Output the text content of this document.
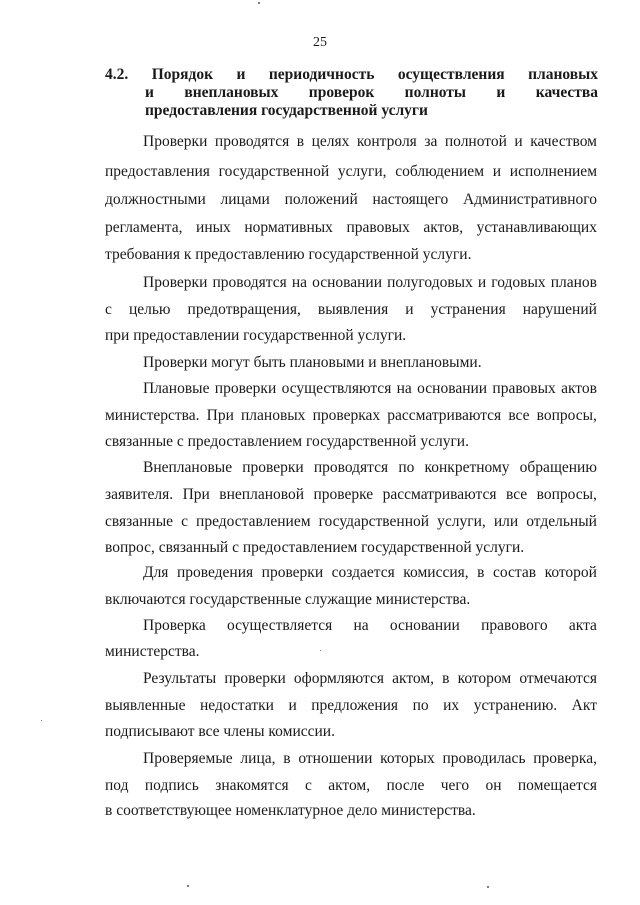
25
4.2. Порядок и периодичность осуществления плановых
и внеплановых проверок полноты и качества
предоставления государственной услуги
Проверки проводятся в целях контроля за полнотой и качеством
предоставления государственной услуги, соблюдением и исполнением
должностными лицами положений настоящего Административного
регламента, иных нормативных правовых актов, устанавливающих
требования к предоставлению государственной услуги.
Проверки проводятся на основании полугодовых и годовых планов
с целью предотвращения, выявления и устранения нарушений
при предоставлении государственной услуги.
Проверки могут быть плановыми и внеплановыми.
Плановые проверки осуществляются на основании правовых актов
министерства. При плановых проверках рассматриваются все вопросы,
связанные с предоставлением государственной услуги.
Внеплановые проверки проводятся по конкретному обращению
заявителя. При внеплановой проверке рассматриваются все вопросы,
связанные с предоставлением государственной услуги, или отдельный
вопрос, связанный с предоставлением государственной услуги.
Для проведения проверки создается комиссия, в состав которой
включаются государственные служащие министерства.
Проверка осуществляется на основании правового акта
министерства.
Результаты проверки оформляются актом, в котором отмечаются
выявленные недостатки и предложения по их устранению. Акт
подписывают все члены комиссии.
Проверяемые лица, в отношении которых проводилась проверка,
под подпись знакомятся с актом, после чего он помещается
в соответствующее номенклатурное дело министерства.
